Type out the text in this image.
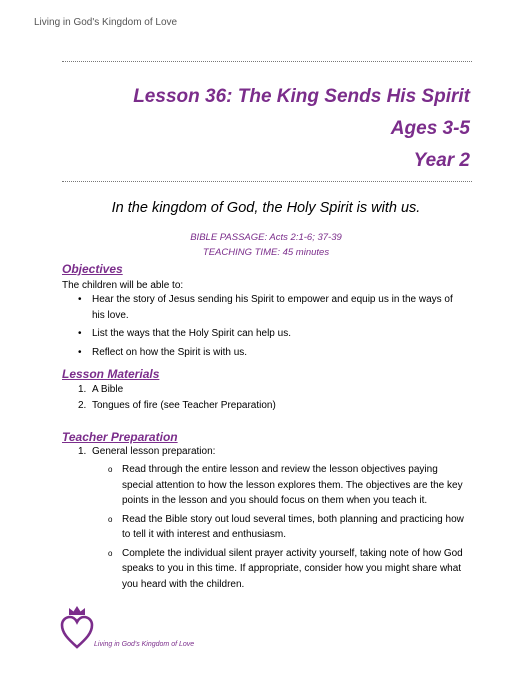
Living in God's Kingdom of Love
Lesson 36: The King Sends His Spirit
Ages 3-5
Year 2
In the kingdom of God, the Holy Spirit is with us.
BIBLE PASSAGE: Acts 2:1-6; 37-39
TEACHING TIME: 45 minutes
Objectives
The children will be able to:
• Hear the story of Jesus sending his Spirit to empower and equip us in the ways of his love.
• List the ways that the Holy Spirit can help us.
• Reflect on how the Spirit is with us.
Lesson Materials
1. A Bible
2. Tongues of fire (see Teacher Preparation)
Teacher Preparation
1. General lesson preparation:
o Read through the entire lesson and review the lesson objectives paying special attention to how the lesson explores them. The objectives are the key points in the lesson and you should focus on them when you teach it.
o Read the Bible story out loud several times, both planning and practicing how to tell it with interest and enthusiasm.
o Complete the individual silent prayer activity yourself, taking note of how God speaks to you in this time. If appropriate, consider how you might share what you heard with the children.
Living in God's Kingdom of Love
